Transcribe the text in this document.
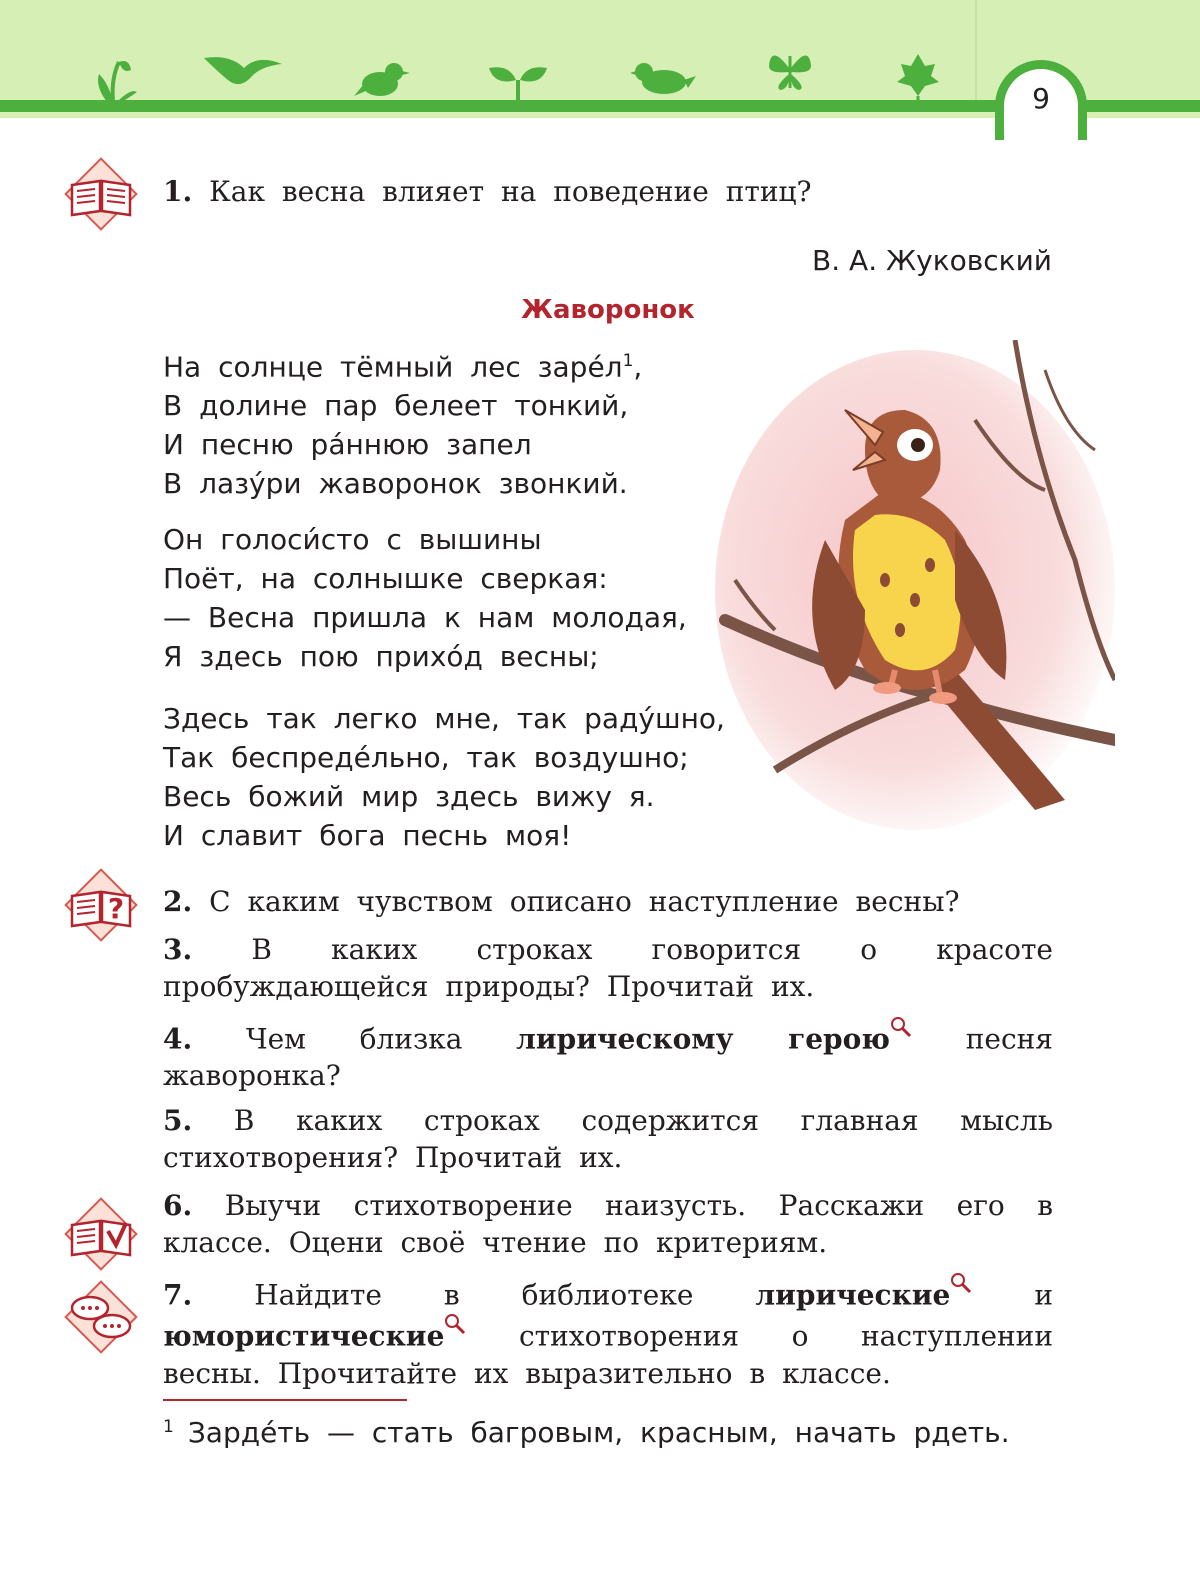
9

1. Как весна влияет на поведение птиц?

В. А. Жуковский
Жаворонок
На солнце тёмный лес $заре́л^1$,
В долине пар белеет тонкий,
И песню ра́ннюю запел
В лазу́ри жаворонок звонкий.
Он голоси́сто с вышины
Поёт, на солнышке сверкая:
— Весна пришла к нам молодая,
Я здесь пою прихо́д весны;
Здесь так легко мне, так раду́шно,
Так беспреде́льно, так воздушно;
Весь божий мир здесь вижу я.
И славит бога песнь моя!
? 2. С каким чувством описано наступление весны?

3. В каких строках говорится о красоте пробуждающейся природы? Прочитай их.

4. Чем близка лирическому герою	песня жаворонка?

5. В каких строках содержится главная мысль стихотворения? Прочитай их.

6. Выучи стихотворение наизусть. Расскажи его в классе. Оцени своё чтение по критериям.

7. Найдите в библиотеке лирические	и юмористические	стихотворения о наступлении весны. Прочитайте их выразительно в классе.

$^1$ Зарде́ть — стать багровым, красным, начать рдеть.
